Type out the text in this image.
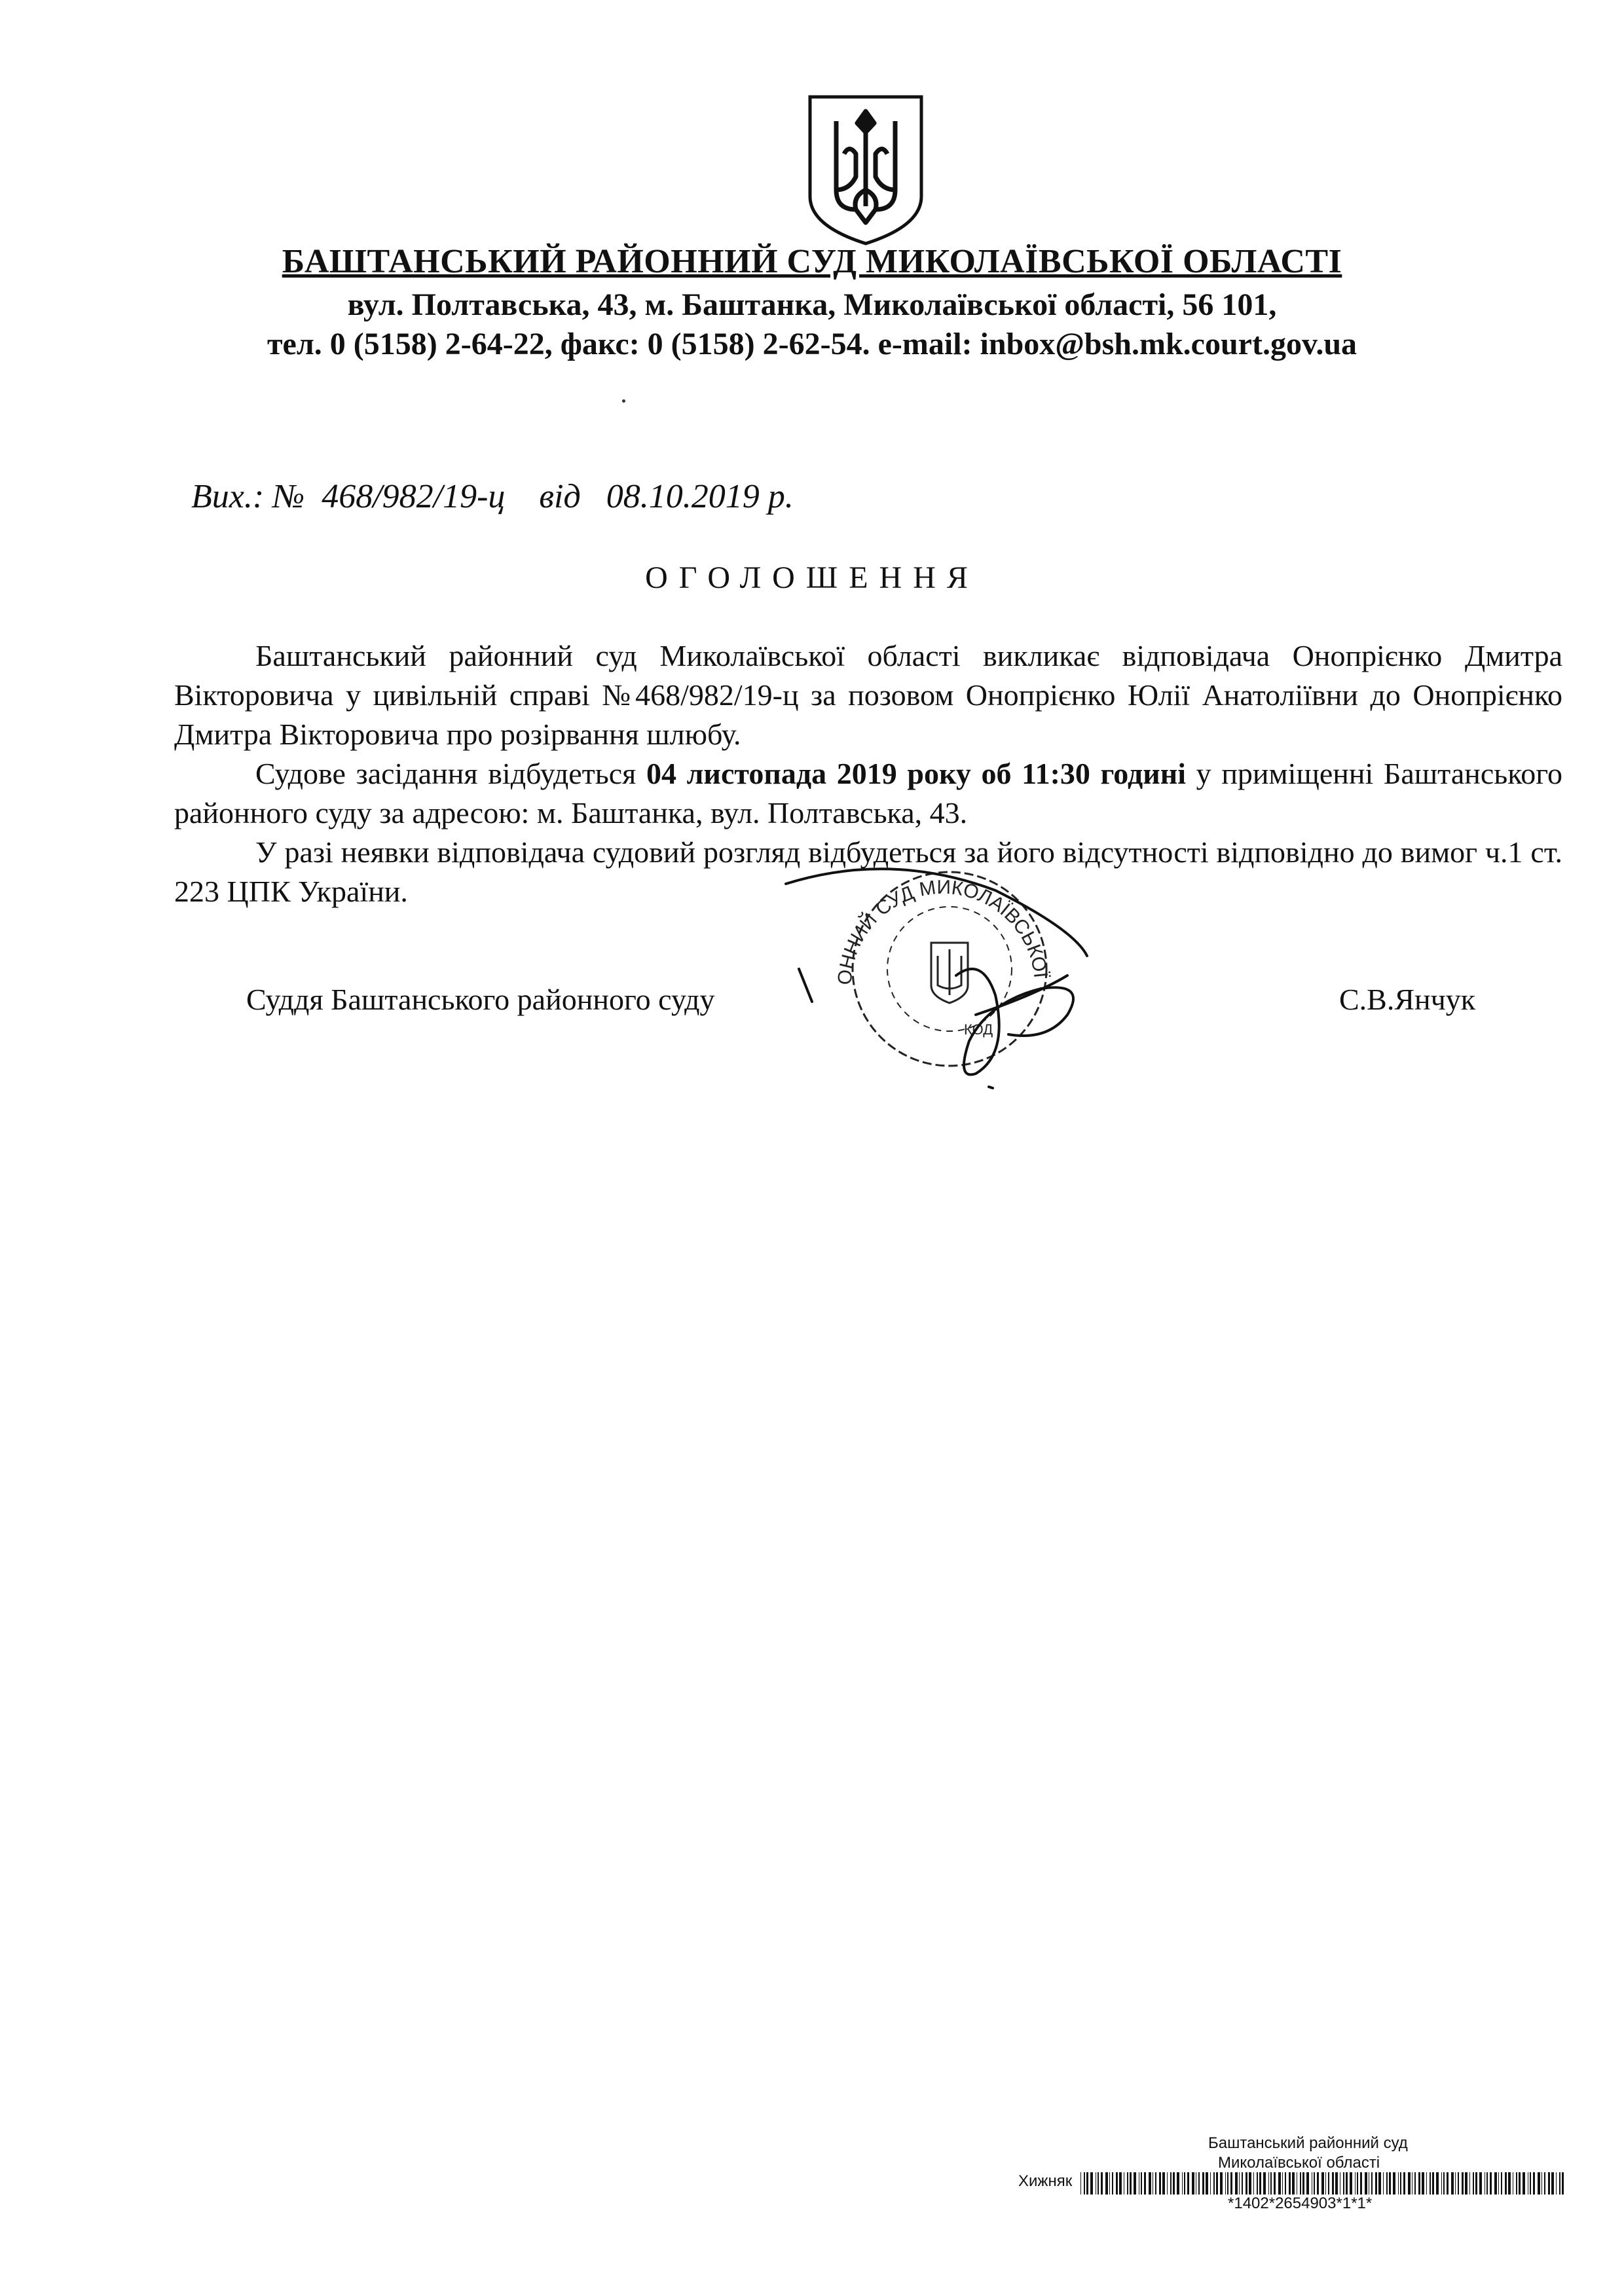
БАШТАНСЬКИЙ РАЙОННИЙ СУД МИКОЛАЇВСЬКОЇ ОБЛАСТІ
вул. Полтавська, 43, м. Баштанка, Миколаївської області, 56 101,
тел. 0 (5158) 2-64-22, факс: 0 (5158) 2-62-54. e-mail: inbox@bsh.mk.court.gov.ua

Вих.: № 468/982/19-ц від 08.10.2019 р.

ОГОЛОШЕННЯ

Баштанський районний суд Миколаївської області викликає відповідача Онопрієнко Дмитра Вікторовича у цивільній справі №468/982/19-ц за позовом Онопрієнко Юлії Анатоліївни до Онопрієнко Дмитра Вікторовича про розірвання шлюбу.

Судове засідання відбудеться 04 листопада 2019 року об 11:30 годині у приміщенні Баштанського районного суду за адресою: м. Баштанка, вул. Полтавська, 43.

У разі неявки відповідача судовий розгляд відбудеться за його відсутності відповідно до вимог ч.1 ст. 223 ЦПК України.

ОННИЙ СУД МИКОЛАЇВСЬКОЇ
КОД
Суддя Баштанського районного суду	С.В.Янчук
Баштанський районний суд
Миколаївської області
Хижняк
*1402*2654903*1*1*
